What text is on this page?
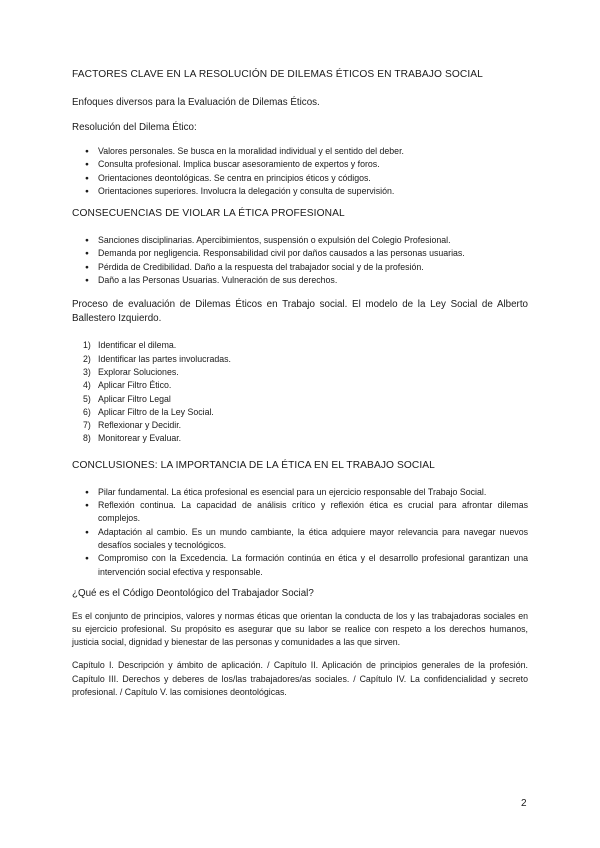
FACTORES CLAVE EN LA RESOLUCIÓN DE DILEMAS ÉTICOS EN TRABAJO SOCIAL

Enfoques diversos para la Evaluación de Dilemas Éticos.

Resolución del Dilema Ético:

● Valores personales. Se busca en la moralidad individual y el sentido del deber.
● Consulta profesional. Implica buscar asesoramiento de expertos y foros.
● Orientaciones deontológicas. Se centra en principios éticos y códigos.
● Orientaciones superiores. Involucra la delegación y consulta de supervisión.

CONSECUENCIAS DE VIOLAR LA ÉTICA PROFESIONAL

● Sanciones disciplinarias. Apercibimientos, suspensión o expulsión del Colegio Profesional.
● Demanda por negligencia. Responsabilidad civil por daños causados a las personas usuarias.
● Pérdida de Credibilidad. Daño a la respuesta del trabajador social y de la profesión.
● Daño a las Personas Usuarias. Vulneración de sus derechos.

Proceso de evaluación de Dilemas Éticos en Trabajo social. El modelo de la Ley Social de Alberto Ballestero Izquierdo.

1) Identificar el dilema.
2) Identificar las partes involucradas.
3) Explorar Soluciones.
4) Aplicar Filtro Ético.
5) Aplicar Filtro Legal
6) Aplicar Filtro de la Ley Social.
7) Reflexionar y Decidir.
8) Monitorear y Evaluar.

CONCLUSIONES: LA IMPORTANCIA DE LA ÉTICA EN EL TRABAJO SOCIAL

● Pilar fundamental. La ética profesional es esencial para un ejercicio responsable del Trabajo Social.
● Reflexión continua. La capacidad de análisis crítico y reflexión ética es crucial para afrontar dilemas complejos.
● Adaptación al cambio. Es un mundo cambiante, la ética adquiere mayor relevancia para navegar nuevos desafíos sociales y tecnológicos.
● Compromiso con la Excedencia. La formación continúa en ética y el desarrollo profesional garantizan una intervención social efectiva y responsable.

¿Qué es el Código Deontológico del Trabajador Social?

Es el conjunto de principios, valores y normas éticas que orientan la conducta de los y las trabajadoras sociales en su ejercicio profesional. Su propósito es asegurar que su labor se realice con respeto a los derechos humanos, justicia social, dignidad y bienestar de las personas y comunidades a las que sirven.

Capítulo I. Descripción y ámbito de aplicación. / Capítulo II. Aplicación de principios generales de la profesión. Capítulo III. Derechos y deberes de los/las trabajadores/as sociales. / Capítulo IV. La confidencialidad y secreto profesional. / Capítulo V. las comisiones deontológicas.

2
